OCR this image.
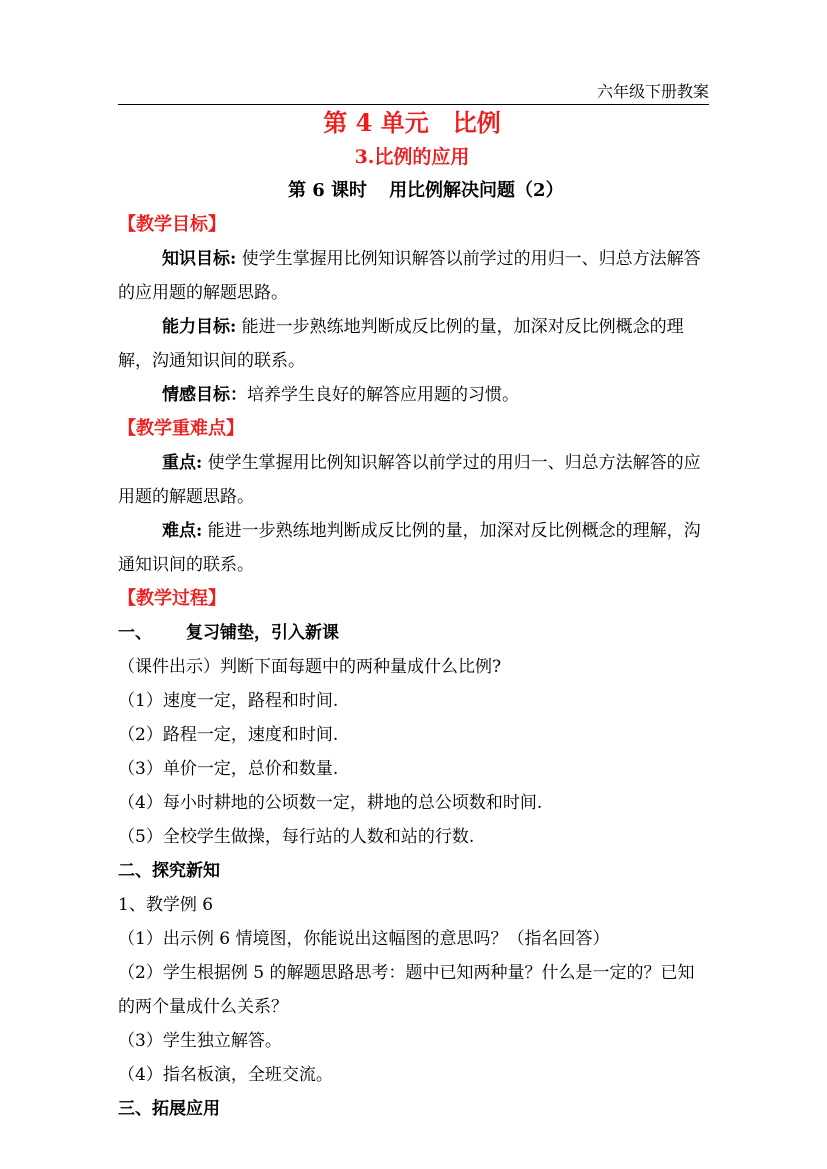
六年级下册教案
第 4 单元 比例
3.比例的应用
第 6 课时 用比例解决问题（2）
【教学目标】

知识目标: 使学生掌握用比例知识解答以前学过的用归一、归总方法解答的应用题的解题思路。

能力目标: 能进一步熟练地判断成反比例的量，加深对反比例概念的理解，沟通知识间的联系。

情感目标：培养学生良好的解答应用题的习惯。

【教学重难点】

重点: 使学生掌握用比例知识解答以前学过的用归一、归总方法解答的应用题的解题思路。

难点: 能进一步熟练地判断成反比例的量，加深对反比例概念的理解，沟通知识间的联系。

【教学过程】
一、 复习铺垫，引入新课

（课件出示）判断下面每题中的两种量成什么比例?

（1）速度一定，路程和时间.

（2）路程一定，速度和时间.

（3）单价一定，总价和数量.

（4）每小时耕地的公顷数一定，耕地的总公顷数和时间.

（5）全校学生做操，每行站的人数和站的行数.

二、探究新知

1、教学例 6

（1）出示例 6 情境图，你能说出这幅图的意思吗？（指名回答）

（2）学生根据例 5 的解题思路思考：题中已知两种量？什么是一定的？已知的两个量成什么关系？

（3）学生独立解答。

（4）指名板演，全班交流。

三、拓展应用
